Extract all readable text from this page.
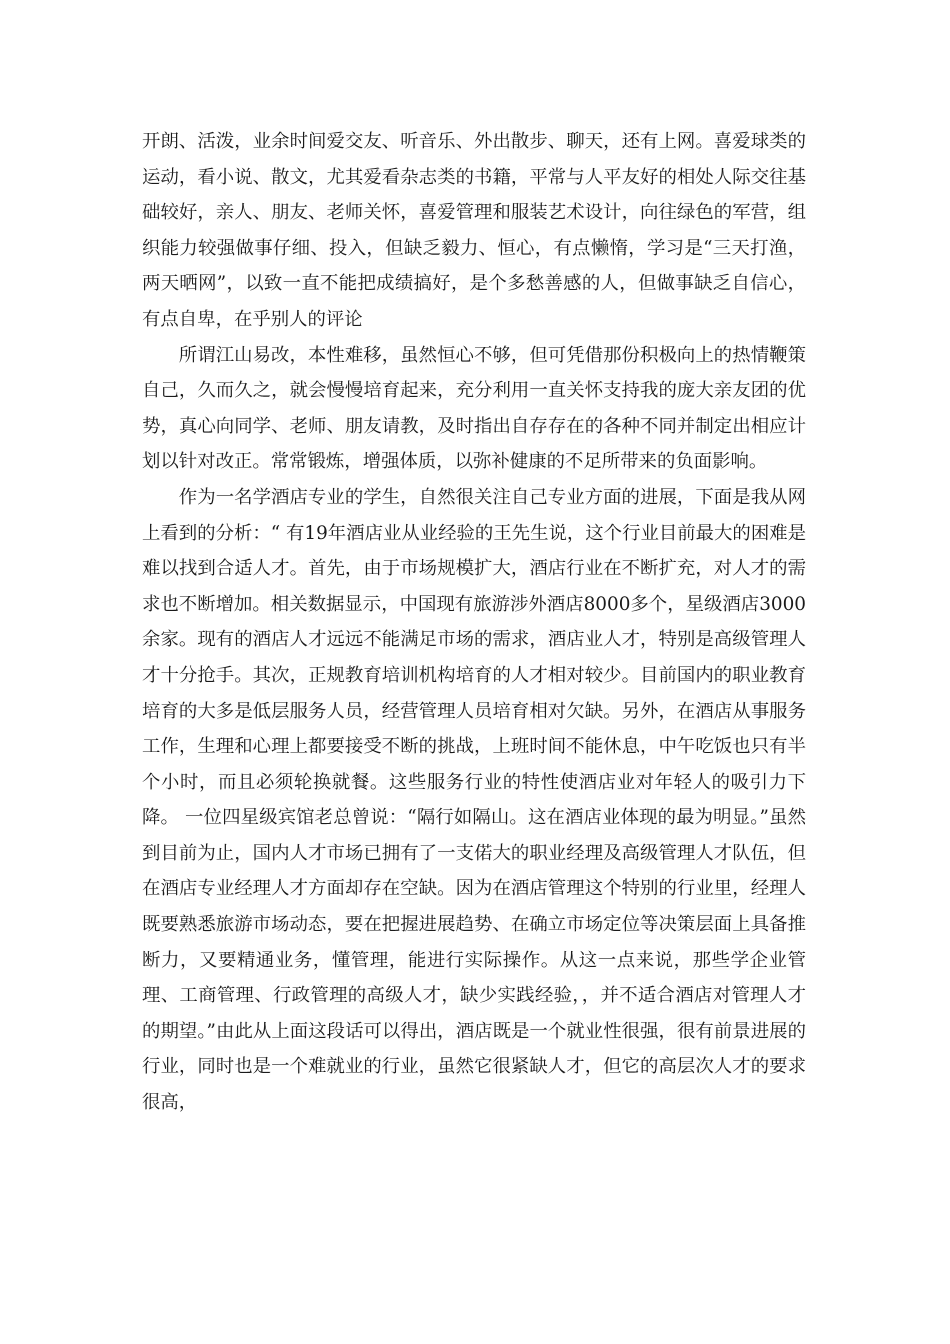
开朗、活泼，业余时间爱交友、听音乐、外出散步、聊天，还有上网。喜爱球类的运动，看小说、散文，尤其爱看杂志类的书籍，平常与人平友好的相处人际交往基础较好，亲人、朋友、老师关怀，喜爱管理和服装艺术设计，向往绿色的军营，组织能力较强做事仔细、投入，但缺乏毅力、恒心，有点懒惰，学习是“三天打渔，两天晒网”，以致一直不能把成绩搞好，是个多愁善感的人，但做事缺乏自信心，有点自卑，在乎别人的评论

所谓江山易改，本性难移，虽然恒心不够，但可凭借那份积极向上的热情鞭策自己，久而久之，就会慢慢培育起来，充分利用一直关怀支持我的庞大亲友团的优势，真心向同学、老师、朋友请教，及时指出自存存在的各种不同并制定出相应计划以针对改正。常常锻炼，增强体质，以弥补健康的不足所带来的负面影响。

作为一名学酒店专业的学生，自然很关注自己专业方面的进展，下面是我从网上看到的分析：“ 有19年酒店业从业经验的王先生说，这个行业目前最大的困难是难以找到合适人才。首先，由于市场规模扩大，酒店行业在不断扩充，对人才的需求也不断增加。相关数据显示，中国现有旅游涉外酒店8000多个，星级酒店3000余家。现有的酒店人才远远不能满足市场的需求，酒店业人才，特别是高级管理人才十分抢手。其次，正规教育培训机构培育的人才相对较少。目前国内的职业教育培育的大多是低层服务人员，经营管理人员培育相对欠缺。另外，在酒店从事服务工作，生理和心理上都要接受不断的挑战，上班时间不能休息，中午吃饭也只有半个小时，而且必须轮换就餐。这些服务行业的特性使酒店业对年轻人的吸引力下降。 一位四星级宾馆老总曾说：“隔行如隔山。这在酒店业体现的最为明显。”虽然到目前为止，国内人才市场已拥有了一支偌大的职业经理及高级管理人才队伍，但在酒店专业经理人才方面却存在空缺。因为在酒店管理这个特别的行业里，经理人既要熟悉旅游市场动态，要在把握进展趋势、在确立市场定位等决策层面上具备推断力，又要精通业务，懂管理，能进行实际操作。从这一点来说，那些学企业管理、工商管理、行政管理的高级人才，缺少实践经验，，并不适合酒店对管理人才的期望。”由此从上面这段话可以得出，酒店既是一个就业性很强，很有前景进展的行业，同时也是一个难就业的行业，虽然它很紧缺人才，但它的高层次人才的要求很高，
